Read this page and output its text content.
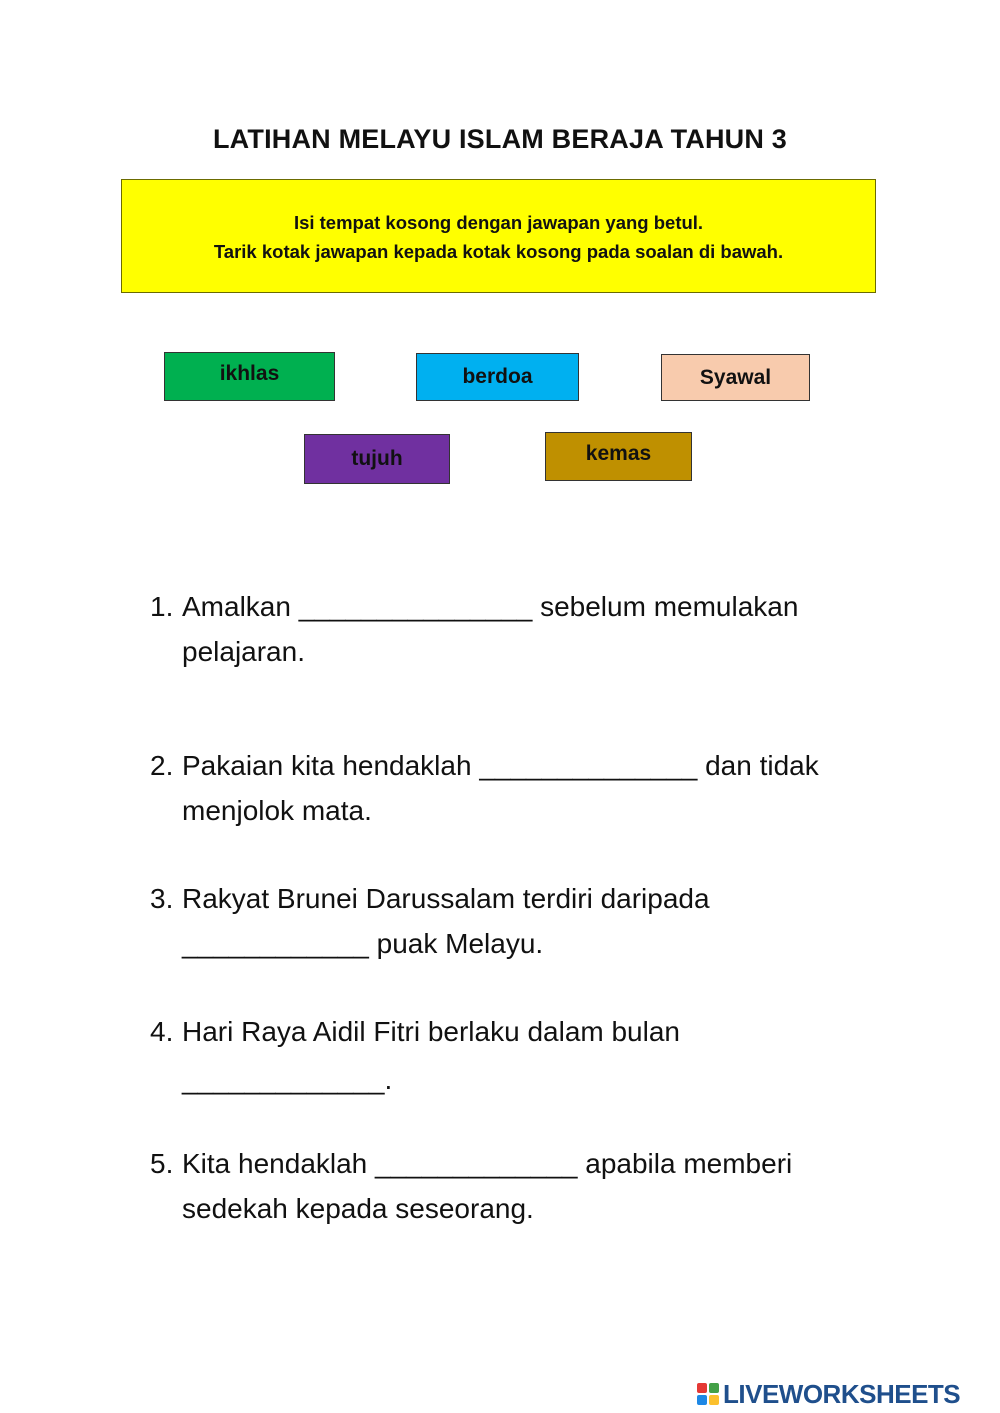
LATIHAN MELAYU ISLAM BERAJA TAHUN 3
Isi tempat kosong dengan jawapan yang betul.
Tarik kotak jawapan kepada kotak kosong pada soalan di bawah.
ikhlas	berdoa	Syawal
tujuh	kemas
1. Amalkan _______________ sebelum memulakan
pelajaran.
2. Pakaian kita hendaklah ______________ dan tidak
menjolok mata.
3. Rakyat Brunei Darussalam terdiri daripada
____________ puak Melayu.
4. Hari Raya Aidil Fitri berlaku dalam bulan
_____________.
5. Kita hendaklah _____________ apabila memberi
sedekah kepada seseorang.
LIVEWORKSHEETS
